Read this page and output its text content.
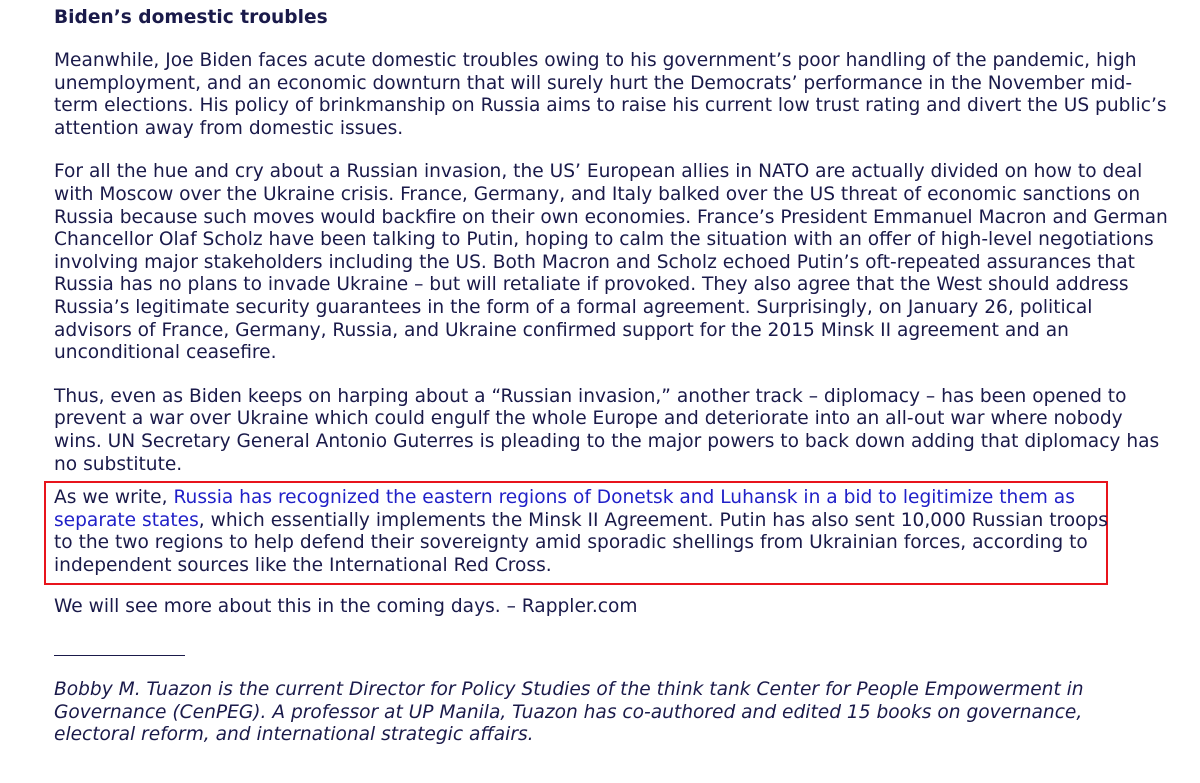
Biden’s domestic troubles

Meanwhile, Joe Biden faces acute domestic troubles owing to his government’s poor handling of the pandemic, high unemployment, and an economic downturn that will surely hurt the Democrats’ performance in the November mid-term elections. His policy of brinkmanship on Russia aims to raise his current low trust rating and divert the US public’s attention away from domestic issues.

For all the hue and cry about a Russian invasion, the US’ European allies in NATO are actually divided on how to deal with Moscow over the Ukraine crisis. France, Germany, and Italy balked over the US threat of economic sanctions on Russia because such moves would backfire on their own economies. France’s President Emmanuel Macron and German Chancellor Olaf Scholz have been talking to Putin, hoping to calm the situation with an offer of high-level negotiations involving major stakeholders including the US. Both Macron and Scholz echoed Putin’s oft-repeated assurances that Russia has no plans to invade Ukraine – but will retaliate if provoked. They also agree that the West should address Russia’s legitimate security guarantees in the form of a formal agreement. Surprisingly, on January 26, political advisors of France, Germany, Russia, and Ukraine confirmed support for the 2015 Minsk II agreement and an unconditional ceasefire.

Thus, even as Biden keeps on harping about a “Russian invasion,” another track – diplomacy – has been opened to prevent a war over Ukraine which could engulf the whole Europe and deteriorate into an all-out war where nobody wins. UN Secretary General Antonio Guterres is pleading to the major powers to back down adding that diplomacy has no substitute.

As we write, Russia has recognized the eastern regions of Donetsk and Luhansk in a bid to legitimize them as separate states, which essentially implements the Minsk II Agreement. Putin has also sent 10,000 Russian troops to the two regions to help defend their sovereignty amid sporadic shellings from Ukrainian forces, according to independent sources like the International Red Cross.

We will see more about this in the coming days. – Rappler.com

Bobby M. Tuazon is the current Director for Policy Studies of the think tank Center for People Empowerment in Governance (CenPEG). A professor at UP Manila, Tuazon has co-authored and edited 15 books on governance, electoral reform, and international strategic affairs.
